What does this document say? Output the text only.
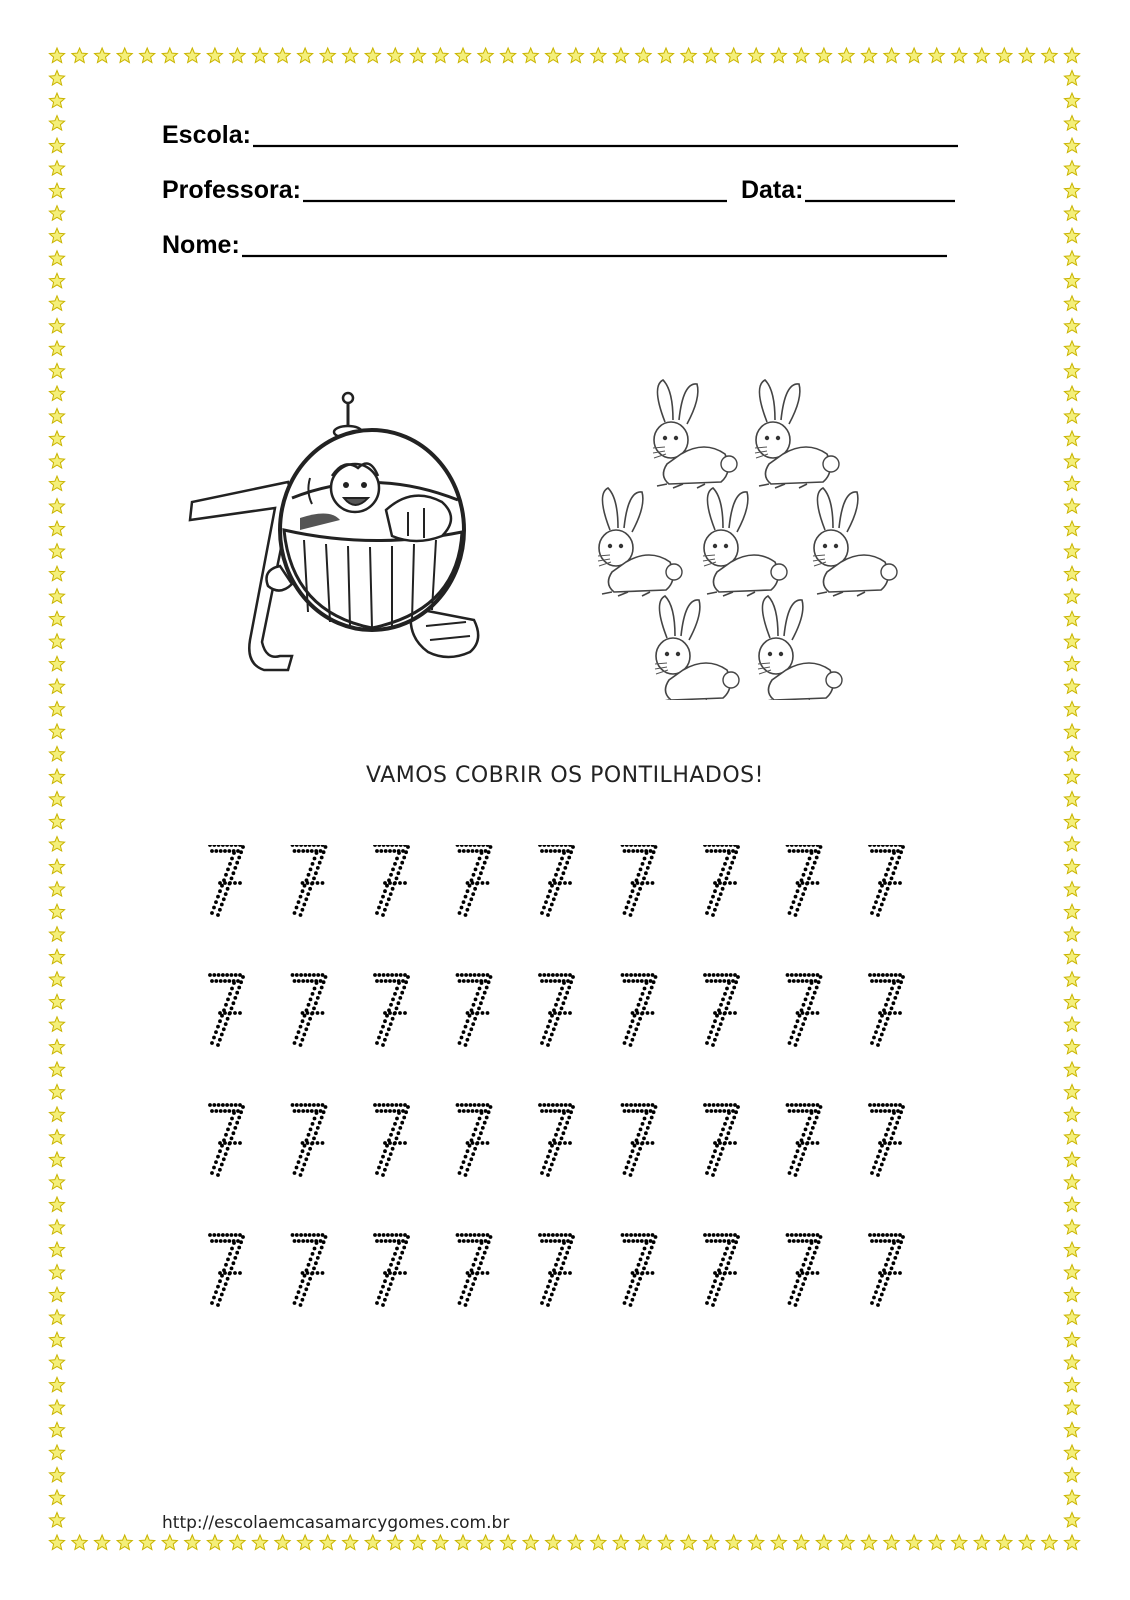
Escola:
Professora:	Data:
Nome:
VAMOS COBRIR OS PONTILHADOS!
http://escolaemcasamarcygomes.com.br
